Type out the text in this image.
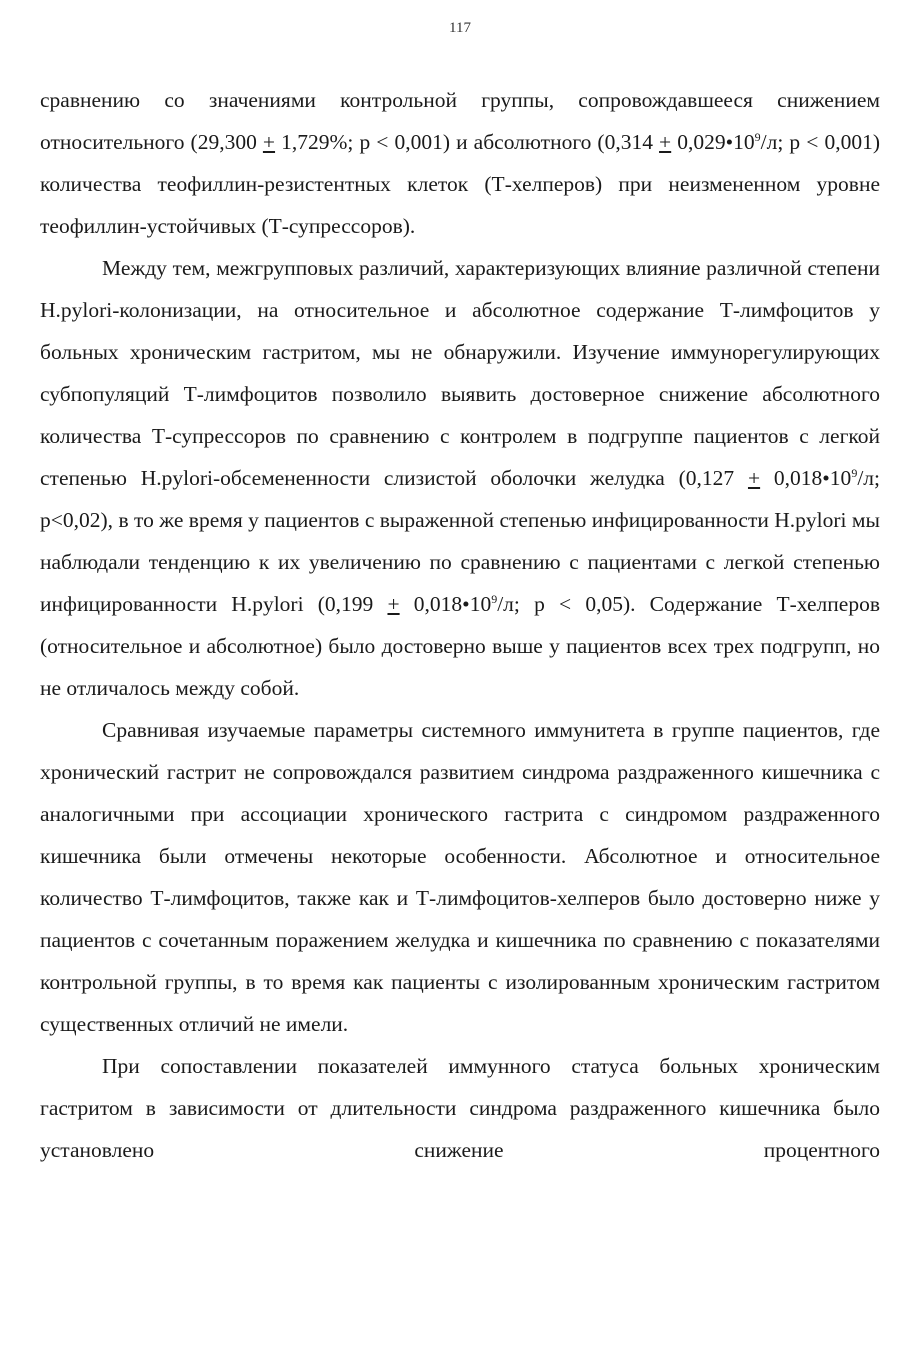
117

сравнению со значениями контрольной группы, сопровождавшееся снижением относительного (29,300 + 1,729%; p < 0,001) и абсолютного ($0,314 + 0,029•10^9/л$; p < 0,001) количества теофиллин-резистентных клеток (Т-хелперов) при неизмененном уровне теофиллин-устойчивых (Т-супрессоров).

Между тем, межгрупповых различий, характеризующих влияние различной степени H.pylori-колонизации, на относительное и абсолютное содержание Т-лимфоцитов у больных хроническим гастритом, мы не обнаружили. Изучение иммунорегулирующих субпопуляций Т-лимфоцитов позволило выявить достоверное снижение абсолютного количества Т-супрессоров по сравнению с контролем в подгруппе пациентов с легкой степенью H.pylori-обсемененности слизистой оболочки желудка ($0,127 + 0,018•10^9/л$; p<0,02), в то же время у пациентов с выраженной степенью инфицированности H.pylori мы наблюдали тенденцию к их увеличению по сравнению с пациентами с легкой степенью инфицированности H.pylori ($0,199 + 0,018•10^9/л$; p < 0,05). Содержание Т-хелперов (относительное и абсолютное) было достоверно выше у пациентов всех трех подгрупп, но не отличалось между собой.

Сравнивая изучаемые параметры системного иммунитета в группе пациентов, где хронический гастрит не сопровождался развитием синдрома раздраженного кишечника с аналогичными при ассоциации хронического гастрита с синдромом раздраженного кишечника были отмечены некоторые особенности. Абсолютное и относительное количество Т-лимфоцитов, также как и Т-лимфоцитов-хелперов было достоверно ниже у пациентов с сочетанным поражением желудка и кишечника по сравнению с показателями контрольной группы, в то время как пациенты с изолированным хроническим гастритом существенных отличий не имели.

При сопоставлении показателей иммунного статуса больных хроническим гастритом в зависимости от длительности синдрома раздраженного кишечника было установлено снижение процентного
